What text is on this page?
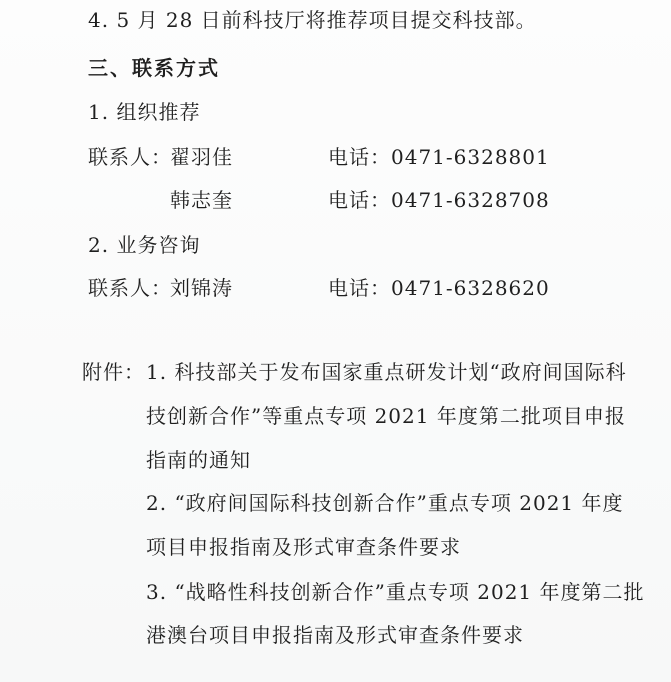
4. 5 月 28 日前科技厅将推荐项目提交科技部。
三、联系方式
1. 组织推荐
联系人：
翟羽佳	电话：0471-6328801
韩志奎	电话：0471-6328708
2. 业务咨询
联系人：
刘锦涛	电话：0471-6328620
附件： 1. 科技部关于发布国家重点研发计划“政府间国际科
技创新合作”等重点专项 2021 年度第二批项目申报
指南的通知
2. “政府间国际科技创新合作”重点专项 2021 年度
项目申报指南及形式审查条件要求
3. “战略性科技创新合作”重点专项 2021 年度第二批
港澳台项目申报指南及形式审查条件要求
